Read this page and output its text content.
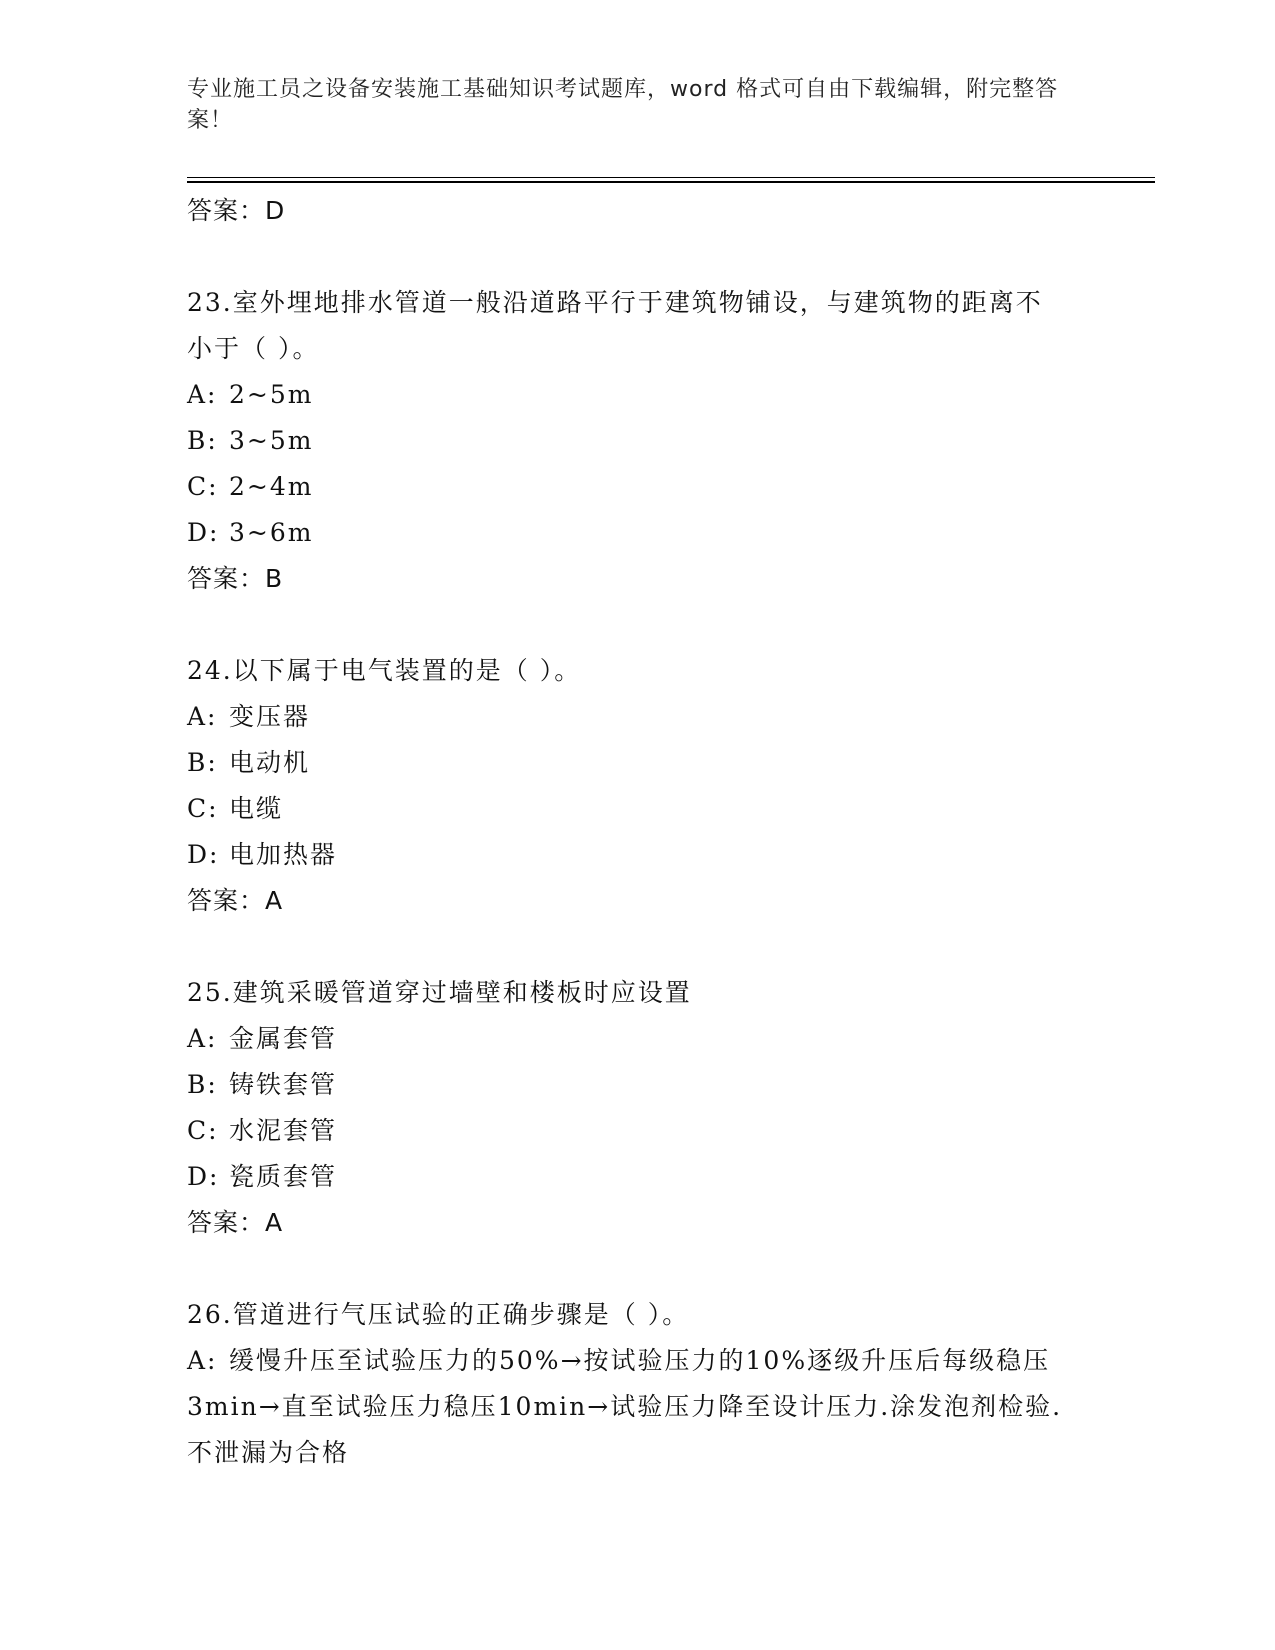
专业施工员之设备安装施工基础知识考试题库，word 格式可自由下载编辑，附完整答案！
答案：D
23.室外埋地排水管道一般沿道路平行于建筑物铺设，与建筑物的距离不小于（ ）。
A: 2~5m
B: 3~5m
C: 2~4m
D: 3~6m
答案：B
24.以下属于电气装置的是（ ）。
A: 变压器
B: 电动机
C: 电缆
D: 电加热器
答案：A
25.建筑采暖管道穿过墙壁和楼板时应设置
A: 金属套管
B: 铸铁套管
C: 水泥套管
D: 瓷质套管
答案：A
26.管道进行气压试验的正确步骤是（ ）。
A: 缓慢升压至试验压力的50%→按试验压力的10%逐级升压后每级稳压3min→直至试验压力稳压10min→试验压力降至设计压力.涂发泡剂检验.不泄漏为合格
